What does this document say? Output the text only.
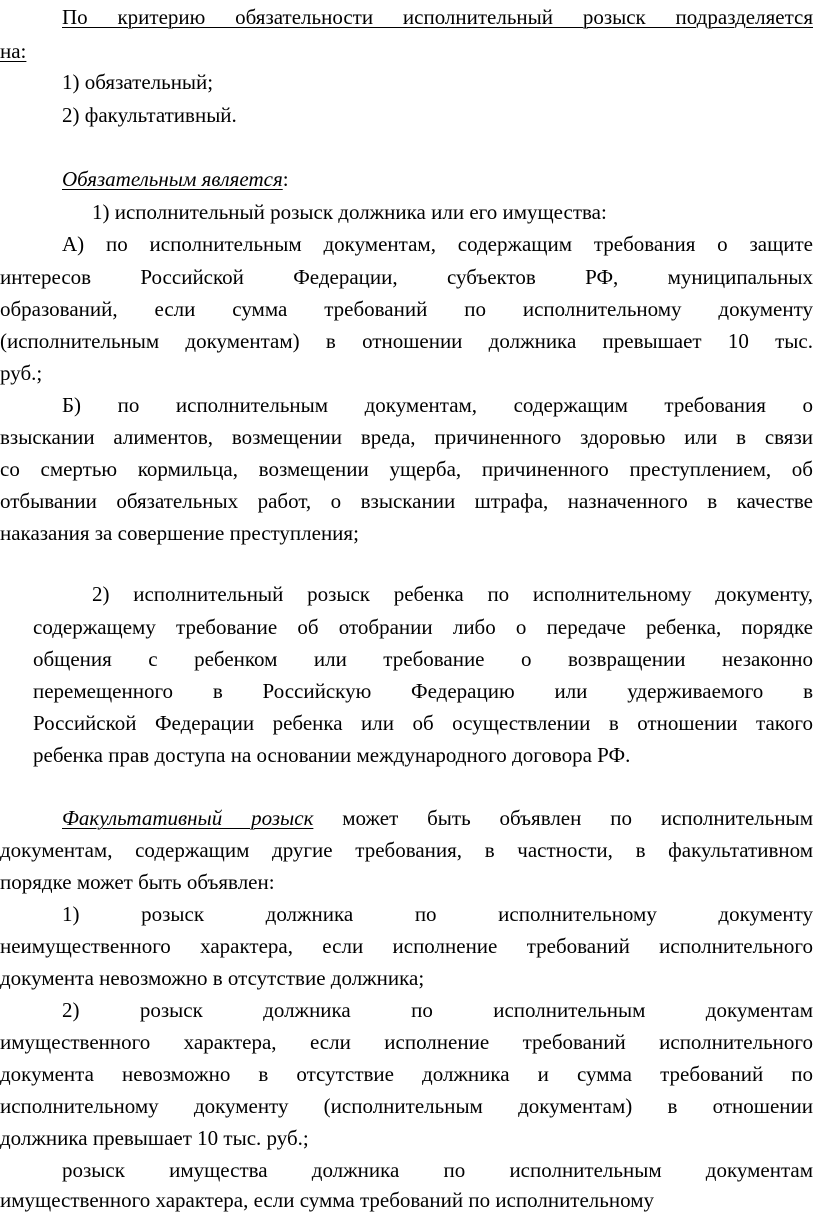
По критерию обязательности исполнительный розыск подразделяется

на:

1) обязательный;

2) факультативный.

Обязательным является:

1) исполнительный розыск должника или его имущества:

А) по исполнительным документам, содержащим требования о защите

интересов Российской Федерации, субъектов РФ, муниципальных

образований, если сумма требований по исполнительному документу

(исполнительным документам) в отношении должника превышает 10 тыс.

руб.;

Б) по исполнительным документам, содержащим требования о

взыскании алиментов, возмещении вреда, причиненного здоровью или в связи

со смертью кормильца, возмещении ущерба, причиненного преступлением, об

отбывании обязательных работ, о взыскании штрафа, назначенного в качестве

наказания за совершение преступления;

2) исполнительный розыск ребенка по исполнительному документу,

содержащему требование об отобрании либо о передаче ребенка, порядке

общения с ребенком или требование о возвращении незаконно

перемещенного в Российскую Федерацию или удерживаемого в

Российской Федерации ребенка или об осуществлении в отношении такого

ребенка прав доступа на основании международного договора РФ.

Факультативный розыск может быть объявлен по исполнительным

документам, содержащим другие требования, в частности, в факультативном

порядке может быть объявлен:

1) розыск должника по исполнительному документу

неимущественного характера, если исполнение требований исполнительного

документа невозможно в отсутствие должника;

2) розыск должника по исполнительным документам

имущественного характера, если исполнение требований исполнительного

документа невозможно в отсутствие должника и сумма требований по

исполнительному документу (исполнительным документам) в отношении

должника превышает 10 тыс. руб.;

розыск имущества должника по исполнительным документам

имущественного характера, если сумма требований по исполнительному
